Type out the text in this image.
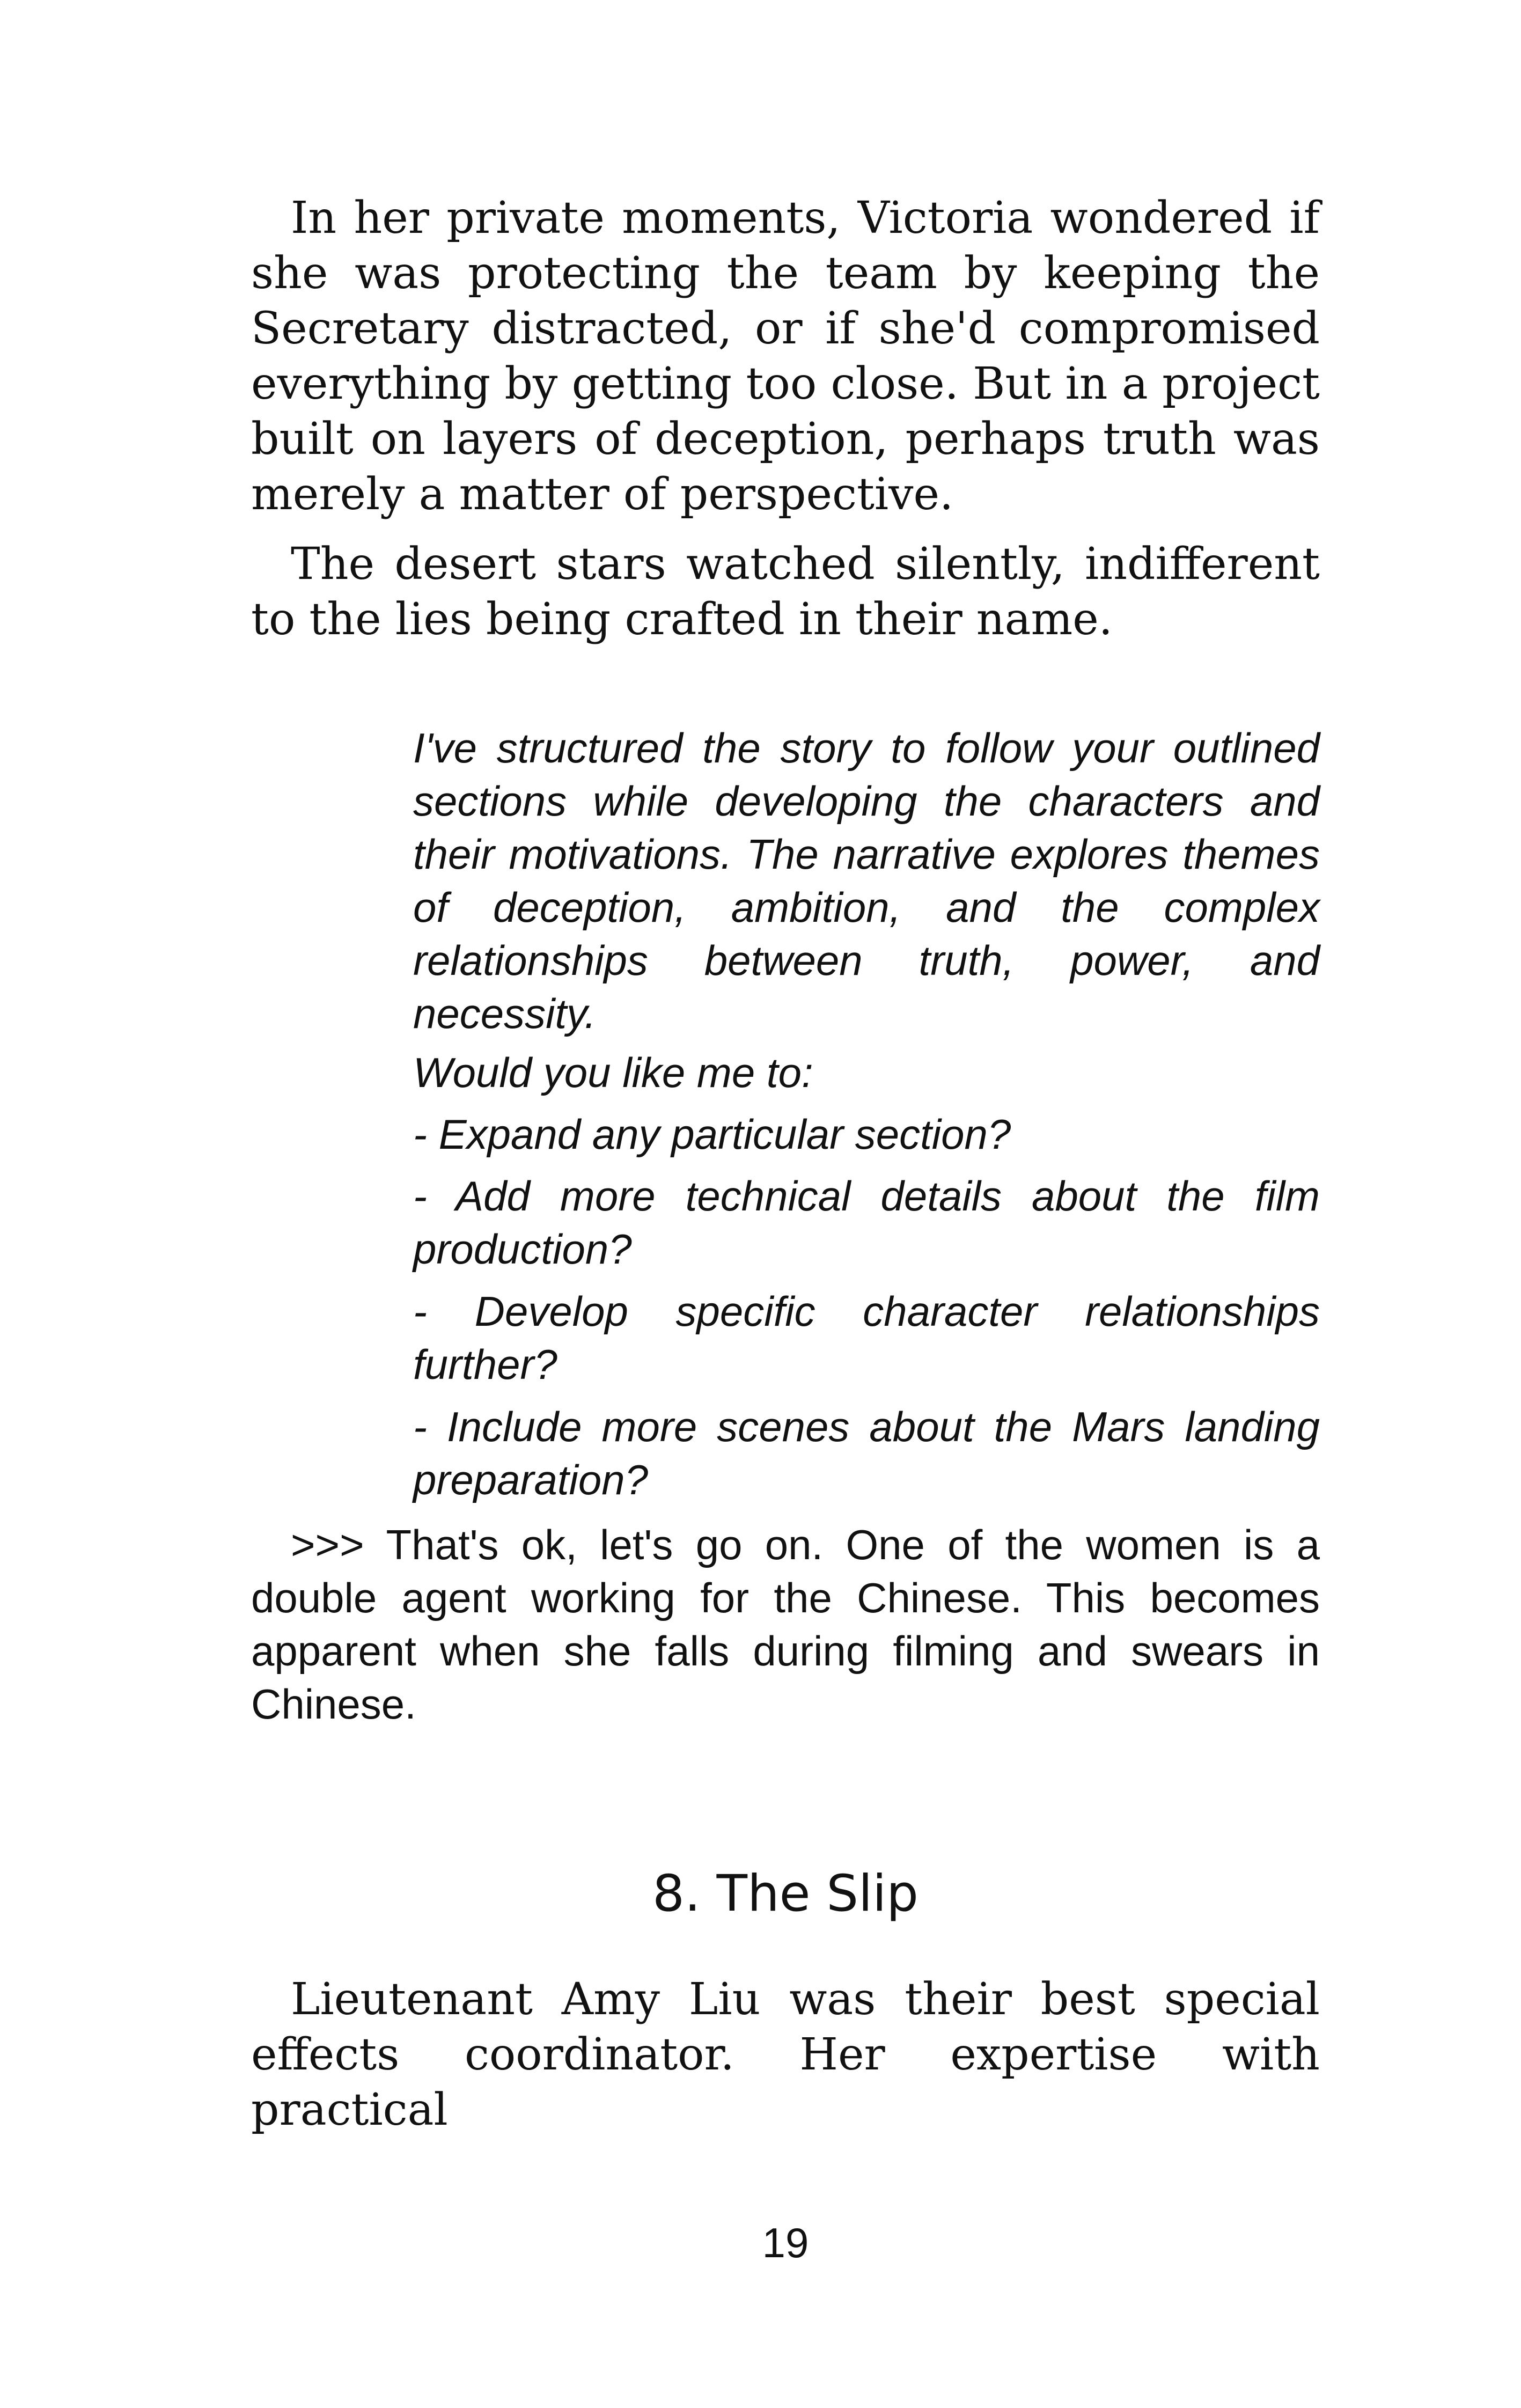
In her private moments, Victoria wondered if she was protecting the team by keeping the Secretary distracted, or if she'd compromised everything by getting too close. But in a project built on layers of deception, perhaps truth was merely a matter of perspective.

The desert stars watched silently, indifferent to the lies being crafted in their name.

I've structured the story to follow your outlined sections while developing the characters and their motivations. The narrative explores themes of deception, ambition, and the complex relationships between truth, power, and necessity.

Would you like me to:

- Expand any particular section?

- Add more technical details about the film production?

- Develop specific character relationships further?

- Include more scenes about the Mars landing preparation?

>>> That's ok, let's go on. One of the women is a double agent working for the Chinese. This becomes apparent when she falls during filming and swears in Chinese.

8. The Slip

Lieutenant Amy Liu was their best special effects coordinator. Her expertise with practical

19
